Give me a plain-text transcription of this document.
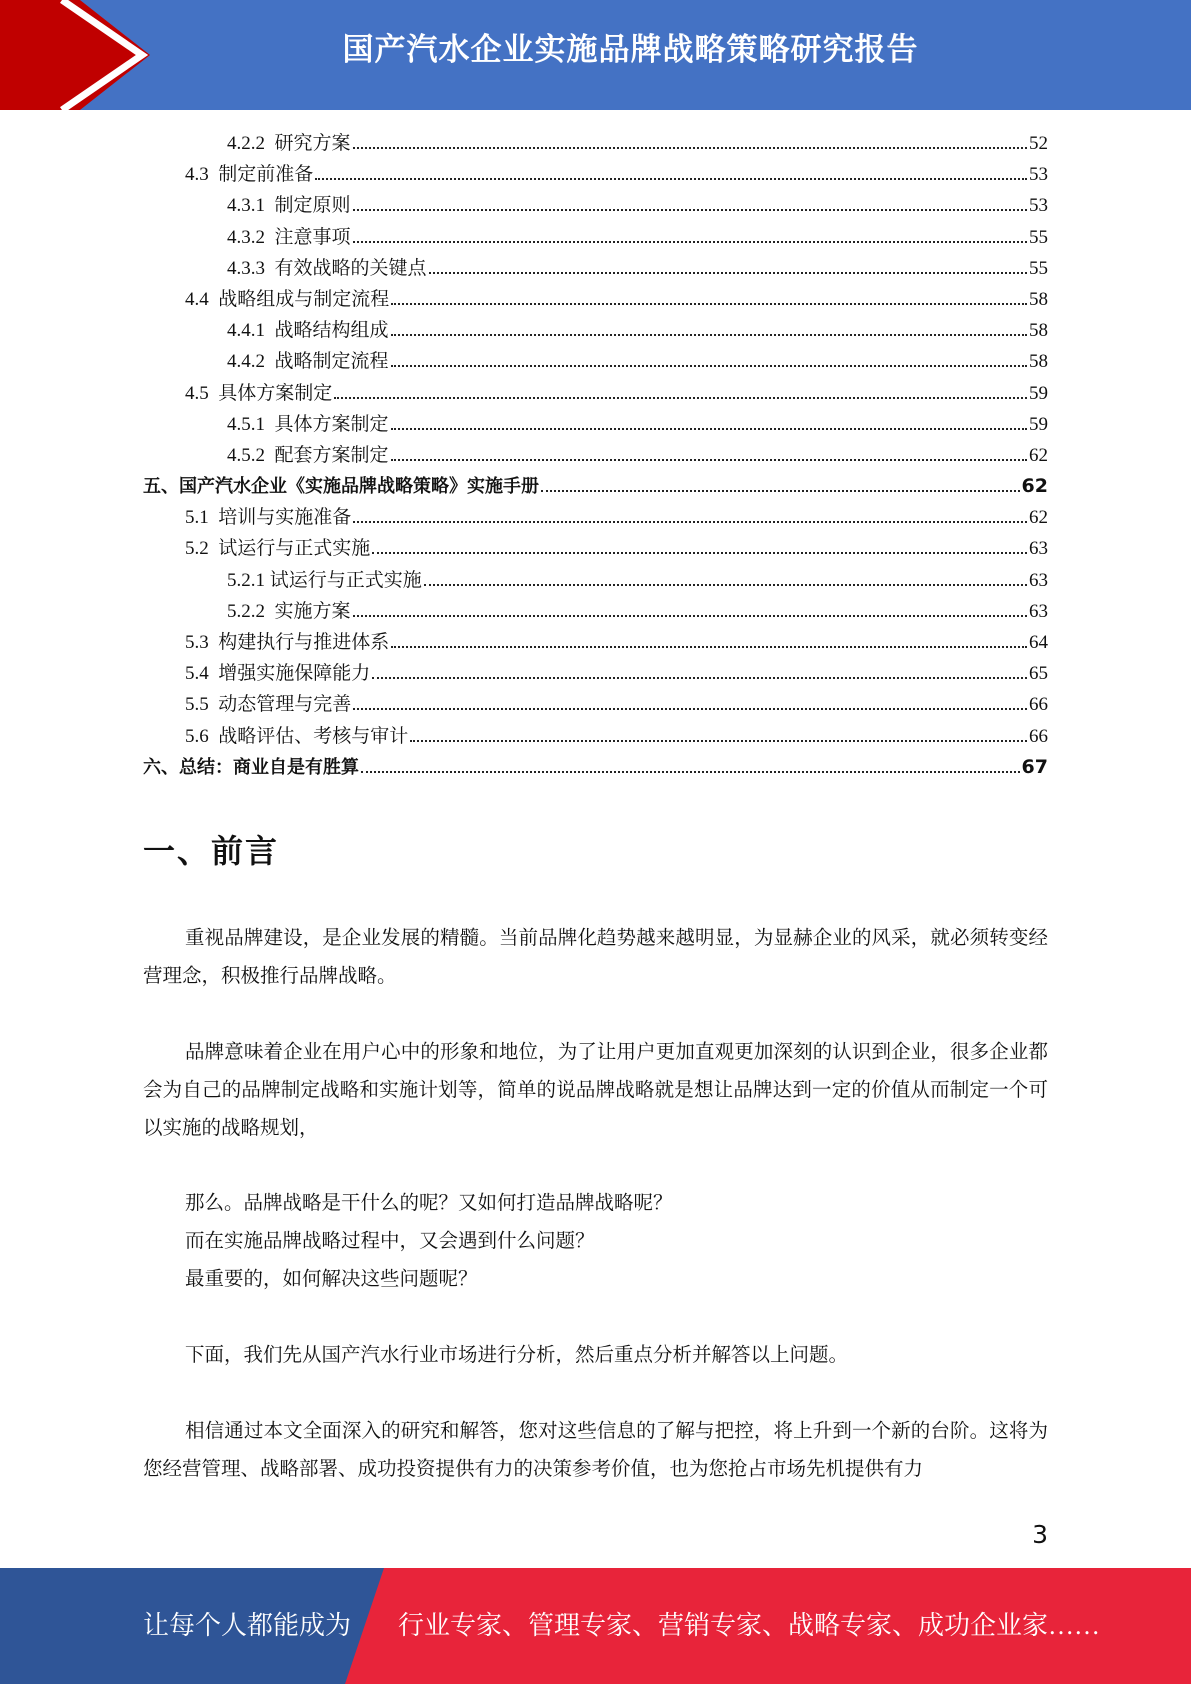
国产汽水企业实施品牌战略策略研究报告
4.2.2  研究方案	52
4.3  制定前准备	53
4.3.1  制定原则	53
4.3.2  注意事项	55
4.3.3  有效战略的关键点	55
4.4  战略组成与制定流程	58
4.4.1  战略结构组成	58
4.4.2  战略制定流程	58
4.5  具体方案制定	59
4.5.1  具体方案制定	59
4.5.2  配套方案制定	62
五、国产汽水企业《实施品牌战略策略》实施手册	62
5.1  培训与实施准备	62
5.2  试运行与正式实施	63
5.2.1 试运行与正式实施	63
5.2.2  实施方案	63
5.3  构建执行与推进体系	64
5.4  增强实施保障能力	65
5.5  动态管理与完善	66
5.6  战略评估、考核与审计	66
六、总结：商业自是有胜算	67
一、前言

重视品牌建设，是企业发展的精髓。当前品牌化趋势越来越明显，为显赫企业的风采，就必须转变经营理念，积极推行品牌战略。

品牌意味着企业在用户心中的形象和地位，为了让用户更加直观更加深刻的认识到企业，很多企业都会为自己的品牌制定战略和实施计划等，简单的说品牌战略就是想让品牌达到一定的价值从而制定一个可以实施的战略规划，

那么。品牌战略是干什么的呢？又如何打造品牌战略呢？
而在实施品牌战略过程中，又会遇到什么问题？
最重要的，如何解决这些问题呢？

下面，我们先从国产汽水行业市场进行分析，然后重点分析并解答以上问题。

相信通过本文全面深入的研究和解答，您对这些信息的了解与把控，将上升到一个新的台阶。这将为您经营管理、战略部署、成功投资提供有力的决策参考价值，也为您抢占市场先机提供有力

3
让每个人都能成为 行业专家、管理专家、营销专家、战略专家、成功企业家……
